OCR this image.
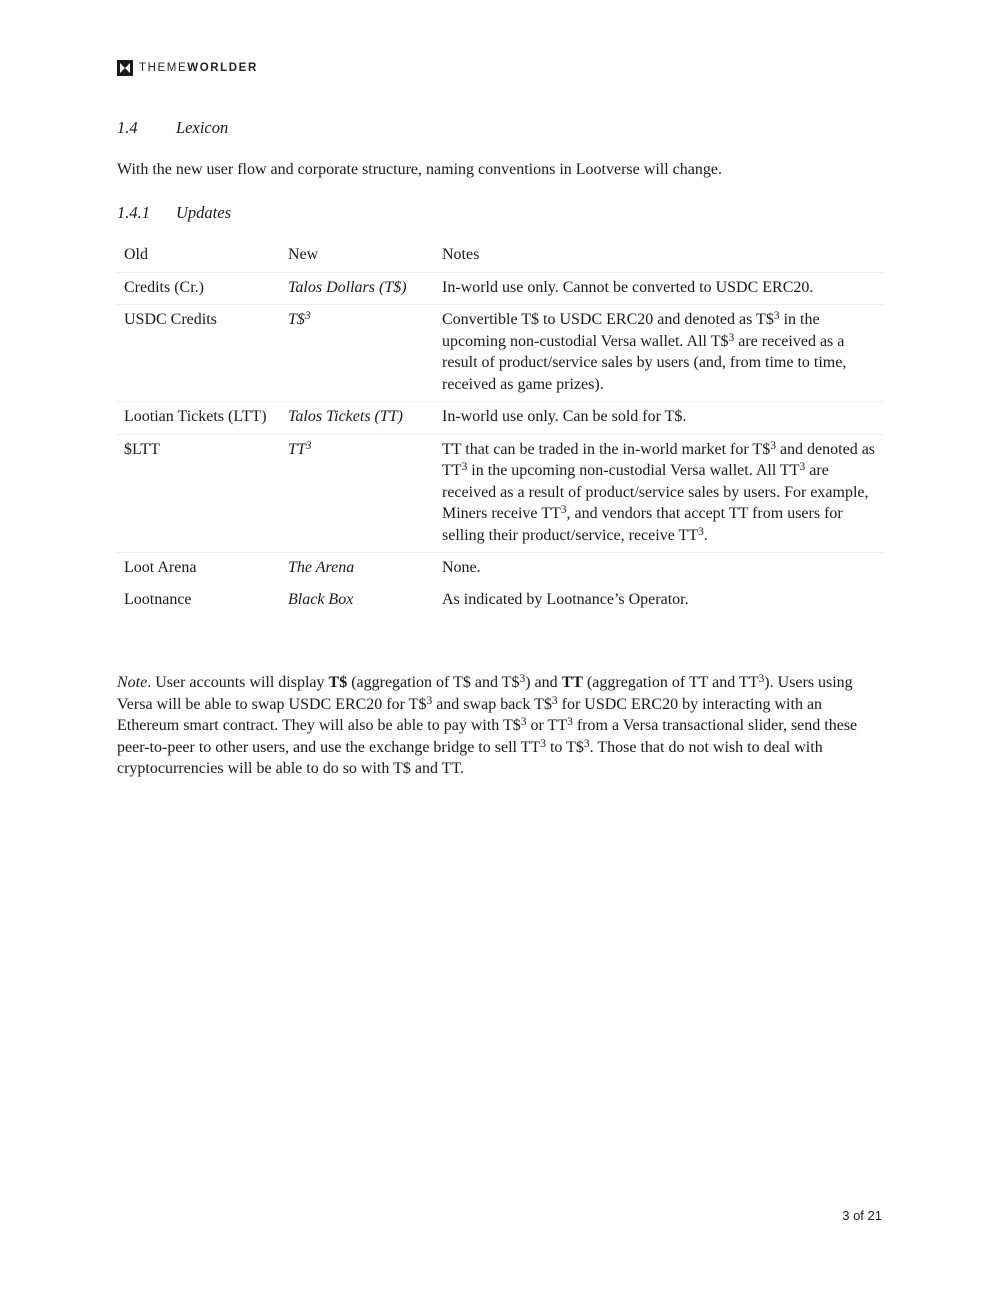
THEMEWORLDER
1.4 Lexicon
With the new user flow and corporate structure, naming conventions in Lootverse will change.
1.4.1 Updates
Old	New	Notes
Credits (Cr.)	Talos Dollars (T$)	In-world use only. Cannot be converted to USDC ERC20.
USDC Credits	T\$$^3$	Convertible T$ to USDC ERC20 and denoted as T\$$^3$ in the upcoming non-custodial Versa wallet. All T\$$^3$ are received as a result of product/service sales by users (and, from time to time, received as game prizes).
Lootian Tickets (LTT)	Talos Tickets (TT)	In-world use only. Can be sold for T$.
$LTT	$TT^3$	TT that can be traded in the in-world market for T\$$^3$ and denoted as $TT^3$ in the upcoming non-custodial Versa wallet. All $TT^3$ are received as a result of product/service sales by users. For example, Miners receive $TT^3$, and vendors that accept TT from users for selling their product/service, receive $TT^3$.
Loot Arena	The Arena	None.
Lootnance	Black Box	As indicated by Lootnance’s Operator.
Note. User accounts will display T$ (aggregation of T$ and T\$$^3$) and TT (aggregation of TT and $TT^3$). Users using Versa will be able to swap USDC ERC20 for T\$$^3$ and swap back T\$$^3$ for USDC ERC20 by interacting with an Ethereum smart contract. They will also be able to pay with T\$$^3$ or $TT^3$ from a Versa transactional slider, send these peer-to-peer to other users, and use the exchange bridge to sell $TT^3$ to T\$$^3$. Those that do not wish to deal with cryptocurrencies will be able to do so with T$ and TT.
3 of 21
